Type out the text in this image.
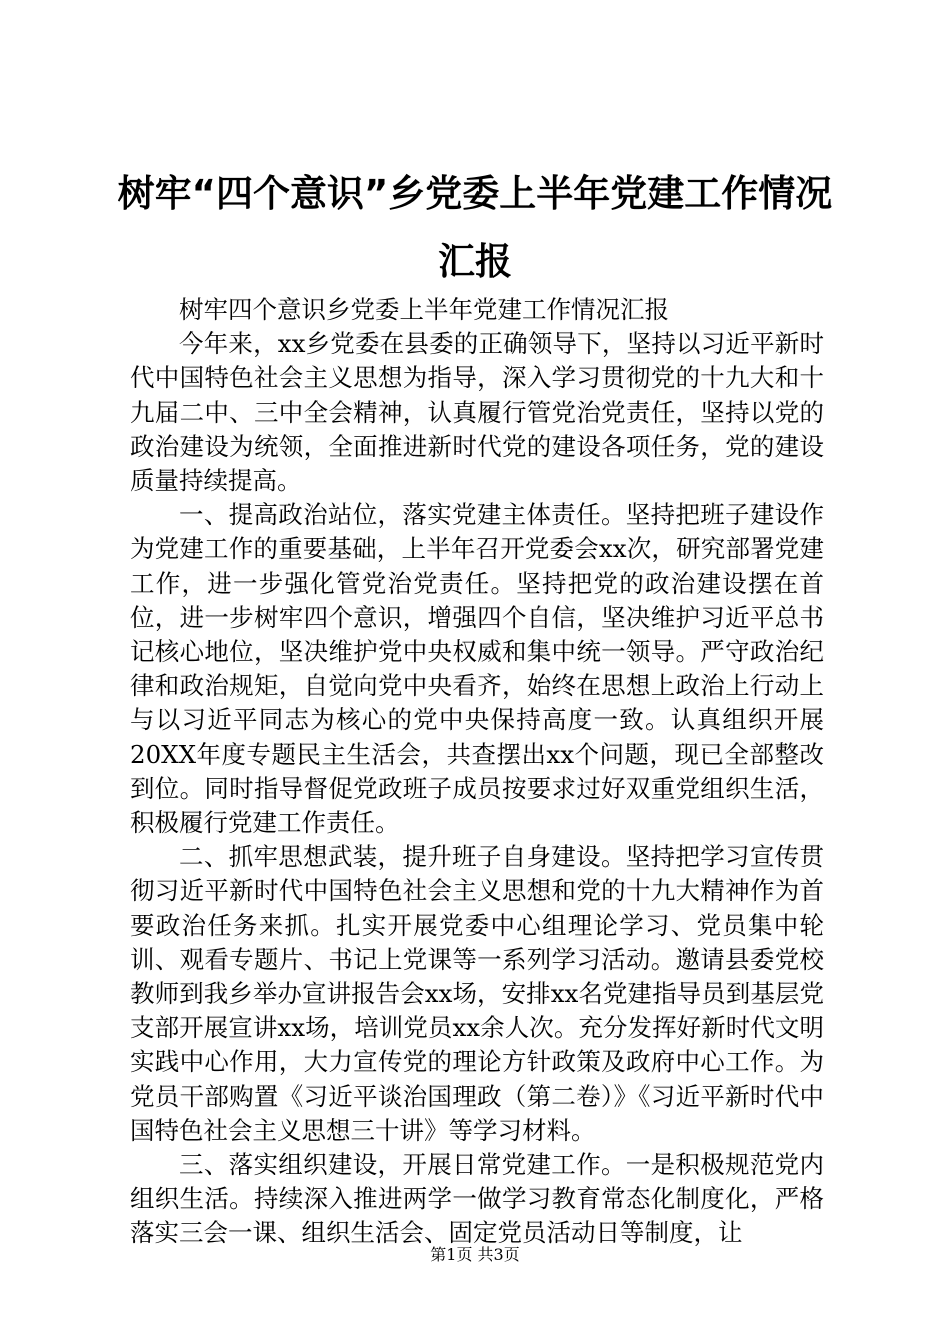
树牢“四个意识”乡党委上半年党建工作情况汇报

树牢四个意识乡党委上半年党建工作情况汇报

今年来，xx乡党委在县委的正确领导下，坚持以习近平新时代中国特色社会主义思想为指导，深入学习贯彻党的十九大和十九届二中、三中全会精神，认真履行管党治党责任，坚持以党的政治建设为统领，全面推进新时代党的建设各项任务，党的建设质量持续提高。

一、提高政治站位，落实党建主体责任。坚持把班子建设作为党建工作的重要基础，上半年召开党委会xx次，研究部署党建工作，进一步强化管党治党责任。坚持把党的政治建设摆在首位，进一步树牢四个意识，增强四个自信，坚决维护习近平总书记核心地位，坚决维护党中央权威和集中统一领导。严守政治纪律和政治规矩，自觉向党中央看齐，始终在思想上政治上行动上与以习近平同志为核心的党中央保持高度一致。认真组织开展20XX年度专题民主生活会，共查摆出xx个问题，现已全部整改到位。同时指导督促党政班子成员按要求过好双重党组织生活，积极履行党建工作责任。

二、抓牢思想武装，提升班子自身建设。坚持把学习宣传贯彻习近平新时代中国特色社会主义思想和党的十九大精神作为首要政治任务来抓。扎实开展党委中心组理论学习、党员集中轮训、观看专题片、书记上党课等一系列学习活动。邀请县委党校教师到我乡举办宣讲报告会xx场，安排xx名党建指导员到基层党支部开展宣讲xx场，培训党员xx余人次。充分发挥好新时代文明实践中心作用，大力宣传党的理论方针政策及政府中心工作。为党员干部购置《习近平谈治国理政（第二卷）》《习近平新时代中国特色社会主义思想三十讲》等学习材料。

三、落实组织建设，开展日常党建工作。一是积极规范党内组织生活。持续深入推进两学一做学习教育常态化制度化，严格落实三会一课、组织生活会、固定党员活动日等制度，让

第1页 共3页
